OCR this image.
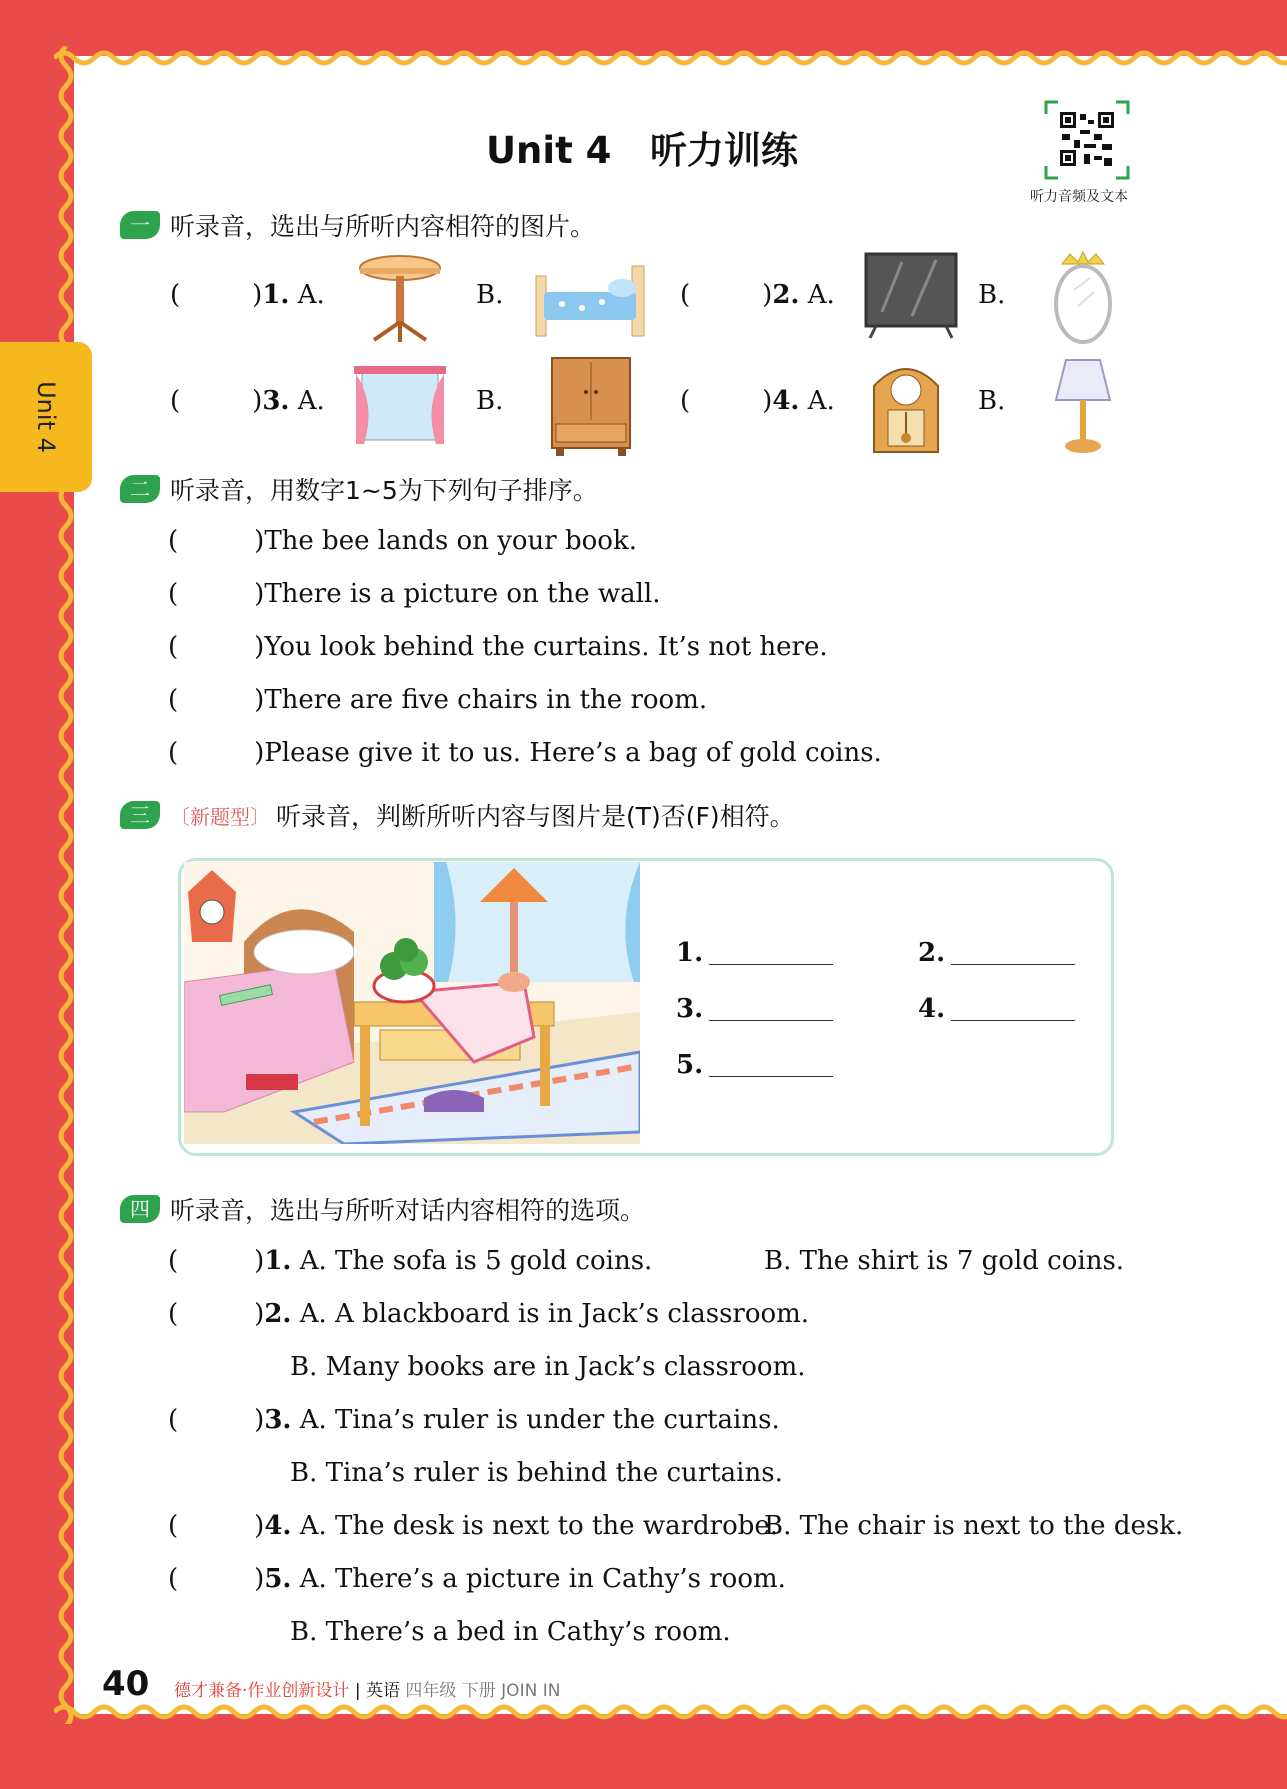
Unit 4
Unit 4   听力训练
听力音频及文本
一 听录音，选出与所听内容相符的图片。
(	)1. A.	B.	(	)2. A.	B.
(	)3. A.	B.	(	)4. A.	B.
二 听录音，用数字1~5为下列句子排序。
(	)The bee lands on your book.
(	)There is a picture on the wall.
(	)You look behind the curtains. It’s not here.
(	)There are five chairs in the room.
(	)Please give it to us. Here’s a bag of gold coins.
三	〔新题型〕 听录音，判断所听内容与图片是(T)否(F)相符。
1.	2.
3.	4.
5.
四 听录音，选出与所听对话内容相符的选项。
(	)1. A. The sofa is 5 gold coins.	B. The shirt is 7 gold coins.
(	)2. A. A blackboard is in Jack’s classroom.
B. Many books are in Jack’s classroom.
(	)3. A. Tina’s ruler is under the curtains.
B. Tina’s ruler is behind the curtains.
(	)4. A. The desk is next to the wardrobe.
B. The chair is next to the desk.
(	)5. A. There’s a picture in Cathy’s room.
B. There’s a bed in Cathy’s room.
40 德才兼备·作业创新设计 | 英语 四年级 下册 JOIN IN
